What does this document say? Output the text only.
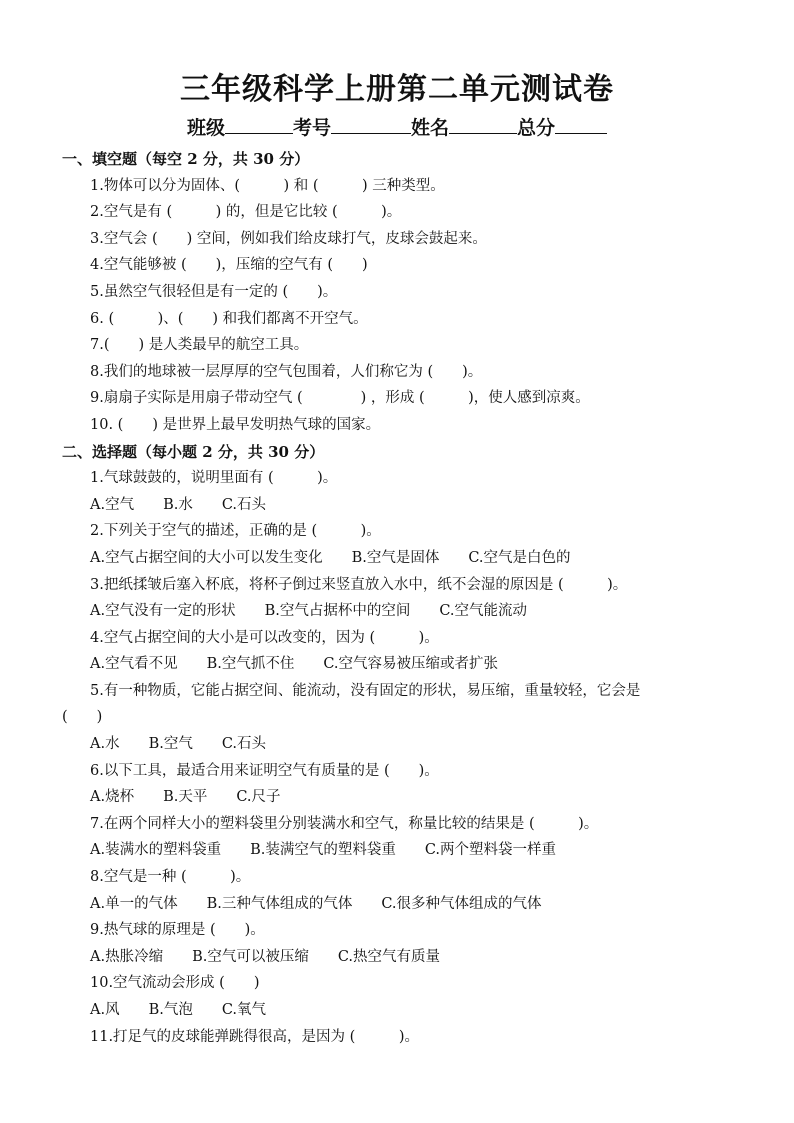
三年级科学上册第二单元测试卷
班级	考号	姓名	总分
一、填空题（每空 2 分，共 30 分）
1.物体可以分为固体、(　　　) 和 (　　　) 三种类型。
2.空气是有 (　　　) 的，但是它比较 (　　　)。
3.空气会 (　　) 空间，例如我们给皮球打气，皮球会鼓起来。
4.空气能够被 (　　)，压缩的空气有 (　　)
5.虽然空气很轻但是有一定的 (　　)。
6. (　　　)、(　　) 和我们都离不开空气。
7.(　　) 是人类最早的航空工具。
8.我们的地球被一层厚厚的空气包围着，人们称它为 (　　)。
9.扇扇子实际是用扇子带动空气 (　　　　) ，形成 (　　　)，使人感到凉爽。
10. (　　) 是世界上最早发明热气球的国家。
二、选择题（每小题 2 分，共 30 分）
1.气球鼓鼓的，说明里面有 (　　　)。
A.空气　　B.水　　C.石头
2.下列关于空气的描述，正确的是 (　　　)。
A.空气占据空间的大小可以发生变化　　B.空气是固体　　C.空气是白色的
3.把纸揉皱后塞入杯底，将杯子倒过来竖直放入水中，纸不会湿的原因是 (　　　)。
A.空气没有一定的形状　　B.空气占据杯中的空间　　C.空气能流动
4.空气占据空间的大小是可以改变的，因为 (　　　)。
A.空气看不见　　B.空气抓不住　　C.空气容易被压缩或者扩张
5.有一种物质，它能占据空间、能流动，没有固定的形状，易压缩，重量较轻，它会是
(　　)
A.水　　B.空气　　C.石头
6.以下工具，最适合用来证明空气有质量的是 (　　)。
A.烧杯　　B.天平　　C.尺子
7.在两个同样大小的塑料袋里分别装满水和空气，称量比较的结果是 (　　　)。
A.装满水的塑料袋重　　B.装满空气的塑料袋重　　C.两个塑料袋一样重
8.空气是一种 (　　　)。
A.单一的气体　　B.三种气体组成的气体　　C.很多种气体组成的气体
9.热气球的原理是 (　　)。
A.热胀冷缩　　B.空气可以被压缩　　C.热空气有质量
10.空气流动会形成 (　　)
A.风　　B.气泡　　C.氧气
11.打足气的皮球能弹跳得很高，是因为 (　　　)。
